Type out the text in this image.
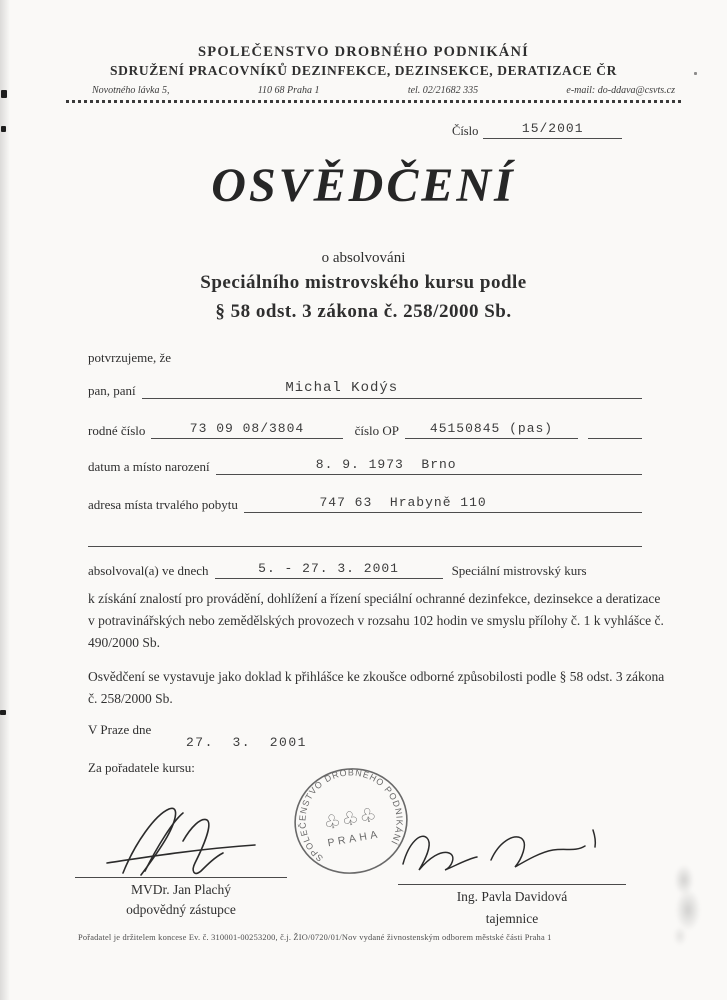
SPOLEČENSTVO DROBNÉHO PODNIKÁNÍ
SDRUŽENÍ PRACOVNÍKŮ DEZINFEKCE, DEZINSEKCE, DERATIZACE ČR
Novotného lávka 5,	110 68 Praha 1	tel. 02/21682 335	e-mail: do-ddava@csvts.cz
Číslo	15/2001
OSVĚDČENÍ
o absolvováni
Speciálního mistrovského kursu podle
§ 58 odst. 3 zákona č. 258/2000 Sb.
potvrzujeme, že
pan, paní	Michal Kodýs
rodné číslo	73 09 08/3804	číslo OP	45150845 (pas)
datum a místo narození	8. 9. 1973  Brno
adresa místa trvalého pobytu	747 63  Hrabyně 110
absolvoval(a) ve dnech	5. - 27. 3. 2001	Speciální mistrovský kurs
k získání znalostí pro provádění, dohlížení a řízení speciální ochranné dezinfekce, dezinsekce a deratizace v potravinářských nebo zemědělských provozech v rozsahu 102 hodin ve smyslu přílohy č. 1 k vyhlášce č. 490/2000 Sb.
Osvědčení se vystavuje jako doklad k přihlášce ke zkoušce odborné způsobilosti podle § 58 odst. 3 zákona č. 258/2000 Sb.
V Praze dne
27.  3.  2001
Za pořadatele kursu:
SPOLEČENSTVO DROBNÉHO PODNIKÁNÍ
♧♧♧
PRAHA
MVDr. Jan Plachý
odpovědný zástupce
Ing. Pavla Davidová
tajemnice
Pořadatel je držitelem koncese Ev. č. 310001-00253200, č.j. ŽIO/0720/01/Nov vydané živnostenským odborem městské části Praha 1
